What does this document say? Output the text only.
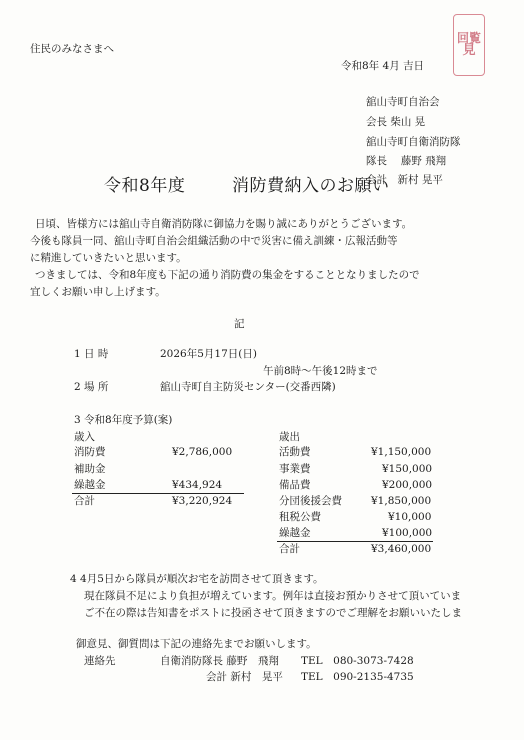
回覧
見
住民のみなさまへ
令和8年 4月 吉日
舘山寺町自治会
会長 柴山 晃
舘山寺町自衛消防隊
隊長　 藤野 飛翔
会計　新村 晃平
令和8年度	消防費納入のお願い
日頃、皆様方には舘山寺自衛消防隊に御協力を賜り誠にありがとうございます。
今後も隊員一同、舘山寺町自治会組織活動の中で災害に備え訓練・広報活動等
に精進していきたいと思います。
つきましては、令和8年度も下記の通り消防費の集金をすることとなりましたので
宜しくお願い申し上げます。
記
1 日 時	2026年5月17日(日)
午前8時～午後12時まで
2 場 所	舘山寺町自主防災センター(交番西隣)
3 令和8年度予算(案)
歳入
消防費	¥2,786,000
補助金
繰越金	¥434,924
合計	¥3,220,924
歳出
活動費	¥1,150,000
事業費	¥150,000
備品費	¥200,000
分団後援会費	¥1,850,000
租税公費	¥10,000
繰越金	¥100,000
合計	¥3,460,000
4 4月5日から隊員が順次お宅を訪問させて頂きます。
現在隊員不足により負担が増えています。例年は直接お預かりさせて頂いていま
ご不在の際は告知書をポストに投函させて頂きますのでご理解をお願いいたしま
御意見、御質問は下記の連絡先までお願いします。
連絡先	自衛消防隊長 藤野　飛翔 TEL　080-3073-7428
会計 新村　晃平 TEL　090-2135-4735
